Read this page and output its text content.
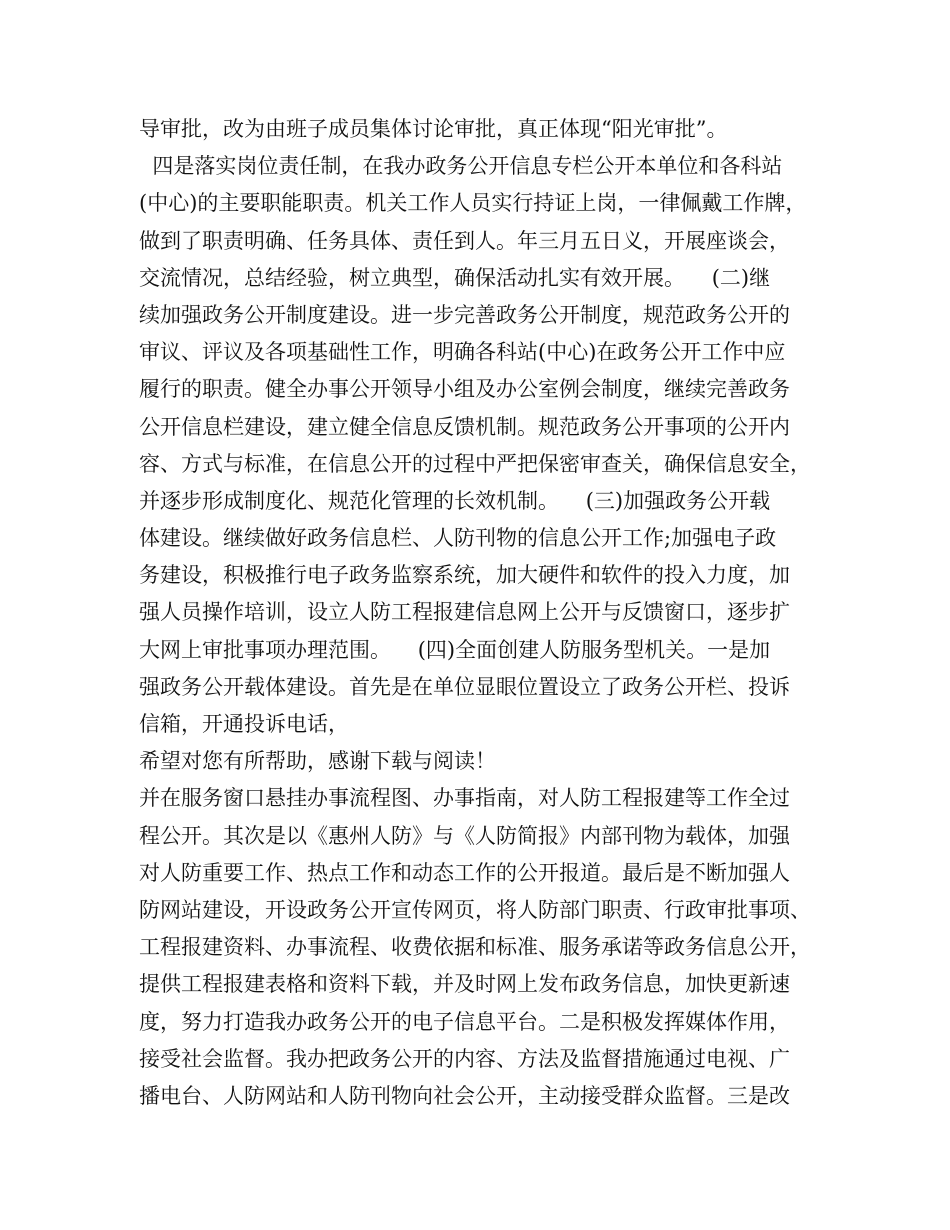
导审批，改为由班子成员集体讨论审批，真正体现“阳光审批”。
四是落实岗位责任制，在我办政务公开信息专栏公开本单位和各科站
(中心)的主要职能职责。机关工作人员实行持证上岗，一律佩戴工作牌，
做到了职责明确、任务具体、责任到人。年三月五日义，开展座谈会，
交流情况，总结经验，树立典型，确保活动扎实有效开展。    (二)继
续加强政务公开制度建设。进一步完善政务公开制度，规范政务公开的
审议、评议及各项基础性工作，明确各科站(中心)在政务公开工作中应
履行的职责。健全办事公开领导小组及办公室例会制度，继续完善政务
公开信息栏建设，建立健全信息反馈机制。规范政务公开事项的公开内
容、方式与标准，在信息公开的过程中严把保密审查关，确保信息安全，
并逐步形成制度化、规范化管理的长效机制。    (三)加强政务公开载
体建设。继续做好政务信息栏、人防刊物的信息公开工作;加强电子政
务建设，积极推行电子政务监察系统，加大硬件和软件的投入力度，加
强人员操作培训，设立人防工程报建信息网上公开与反馈窗口，逐步扩
大网上审批事项办理范围。    (四)全面创建人防服务型机关。一是加
强政务公开载体建设。首先是在单位显眼位置设立了政务公开栏、投诉
信箱，开通投诉电话，
希望对您有所帮助，感谢下载与阅读！
并在服务窗口悬挂办事流程图、办事指南，对人防工程报建等工作全过
程公开。其次是以《惠州人防》与《人防简报》内部刊物为载体，加强
对人防重要工作、热点工作和动态工作的公开报道。最后是不断加强人
防网站建设，开设政务公开宣传网页，将人防部门职责、行政审批事项、
工程报建资料、办事流程、收费依据和标准、服务承诺等政务信息公开，
提供工程报建表格和资料下载，并及时网上发布政务信息，加快更新速
度，努力打造我办政务公开的电子信息平台。二是积极发挥媒体作用，
接受社会监督。我办把政务公开的内容、方法及监督措施通过电视、广
播电台、人防网站和人防刊物向社会公开，主动接受群众监督。三是改
